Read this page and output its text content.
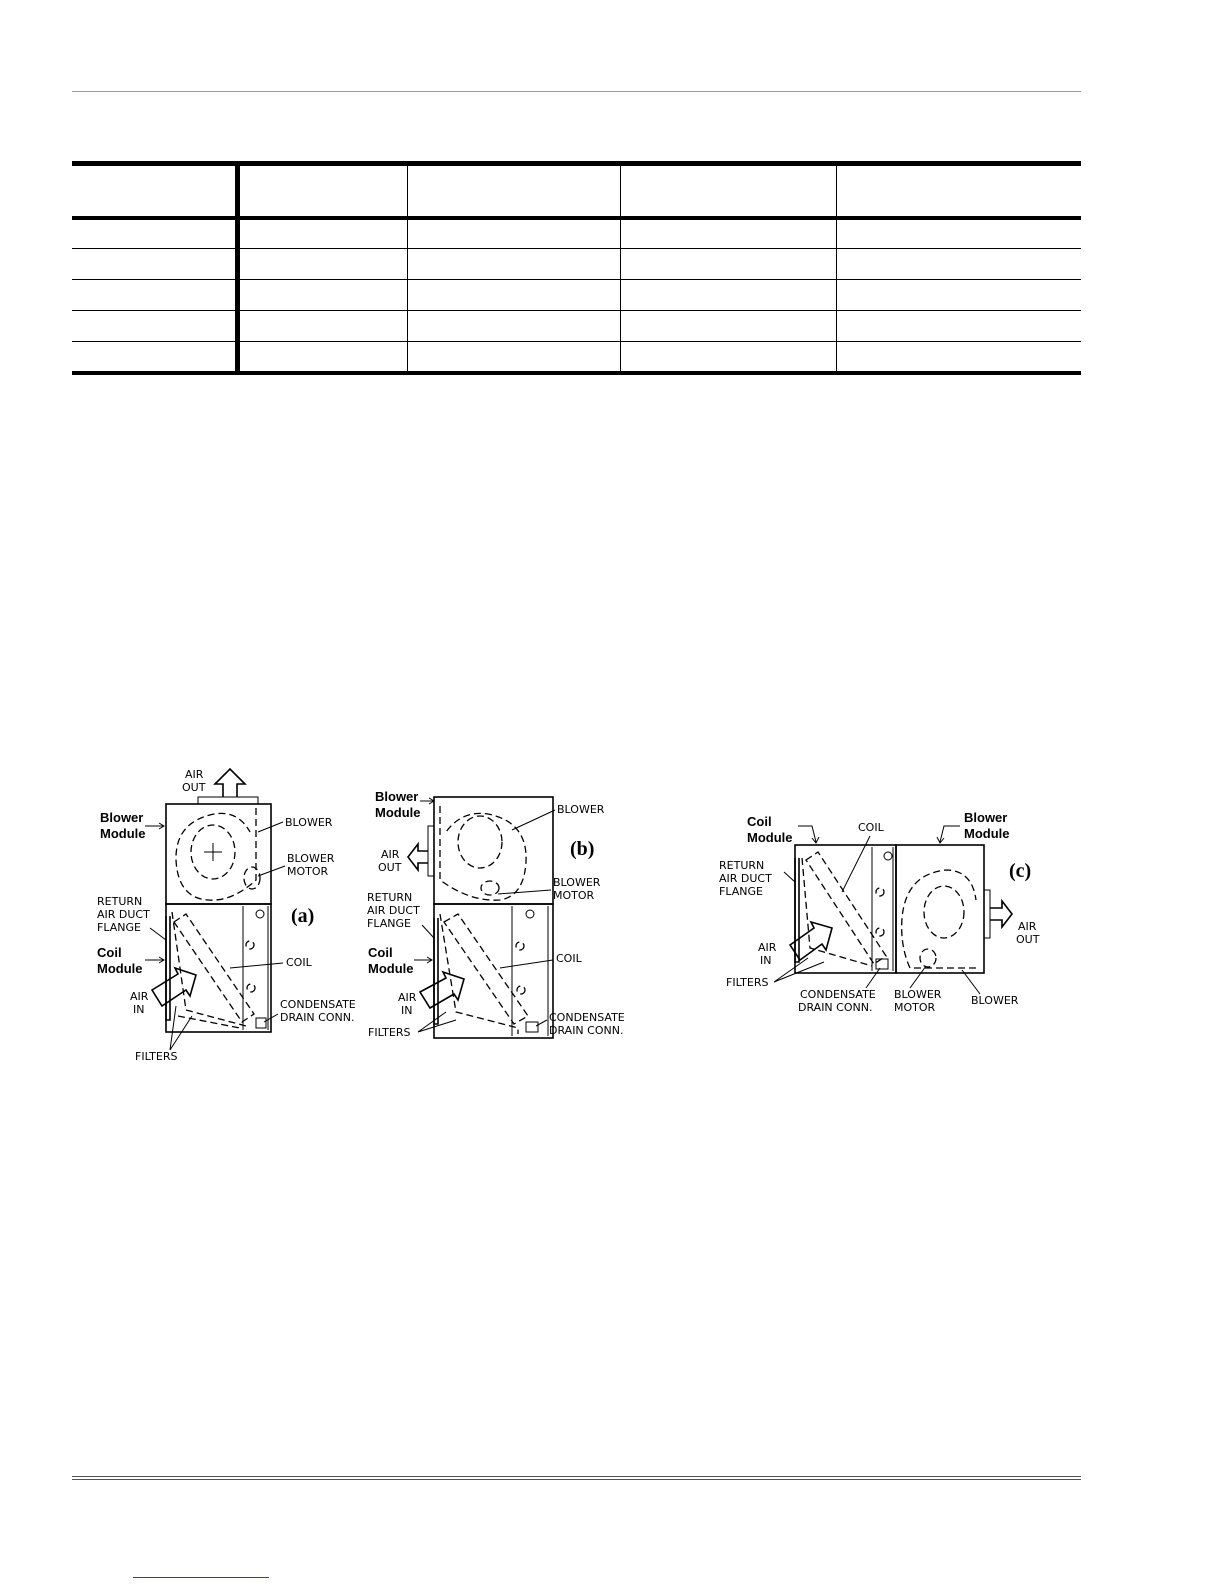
AIR
OUT
Blower
Module
BLOWER
BLOWER
MOTOR
(a)
RETURN
AIR DUCT
FLANGE
Coil
Module	COIL
AIR
IN	CONDENSATE
DRAIN CONN.
FILTERS
Blower
Module	BLOWER
(b)
AIR
OUT
BLOWER
MOTOR
RETURN
AIR DUCT
FLANGE
Coil
Module
COIL
AIR
IN
FILTERS
CONDENSATE
DRAIN CONN.
Coil
Module
COIL
Blower
Module
(c)
RETURN
AIR DUCT
FLANGE
AIR
IN
FILTERS
CONDENSATE
DRAIN CONN.
BLOWER
MOTOR
BLOWER
AIR
OUT
